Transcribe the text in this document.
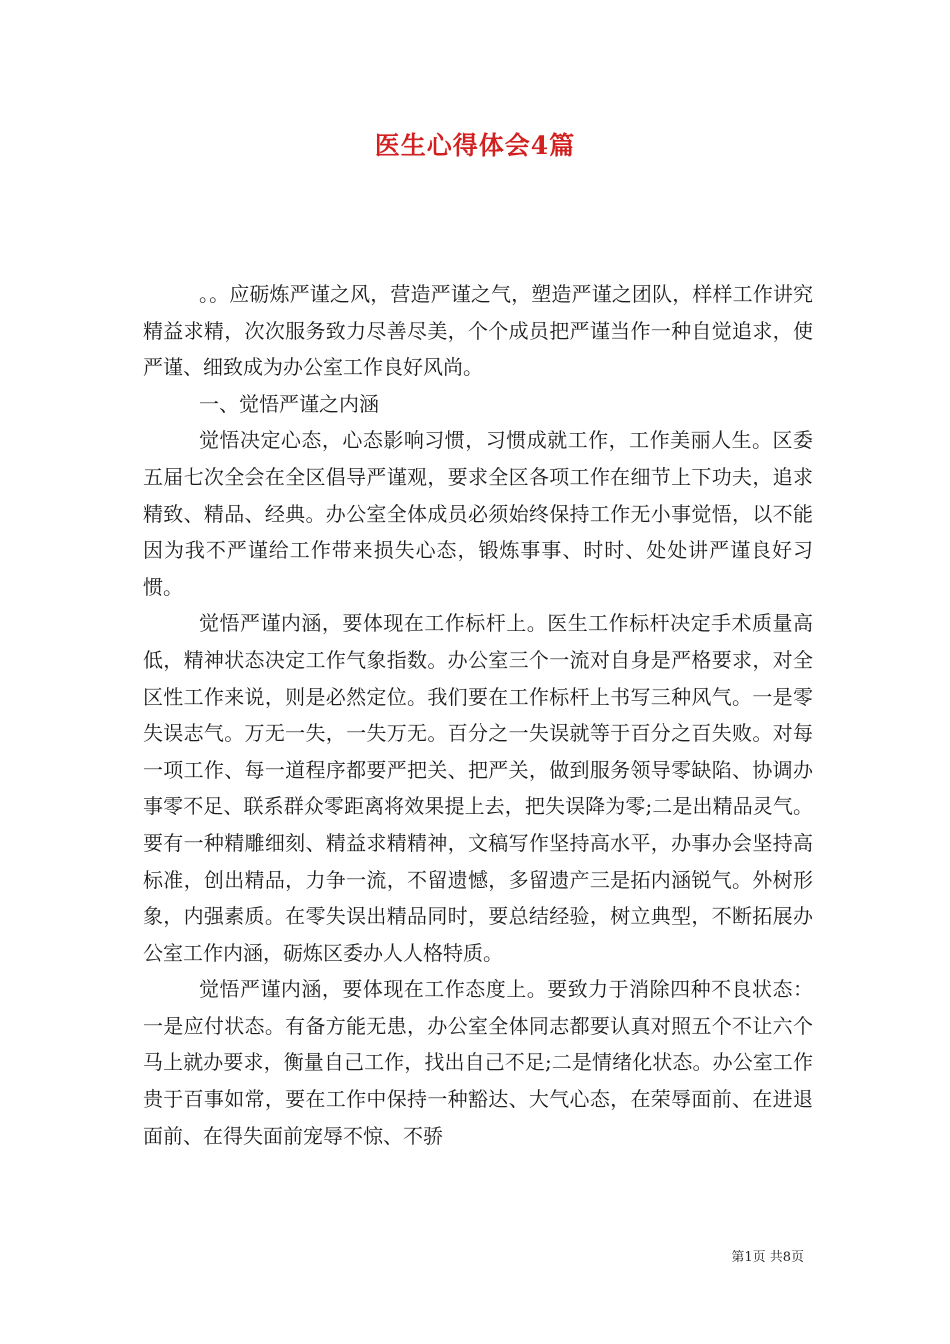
医生心得体会4篇

。。应砺炼严谨之风，营造严谨之气，塑造严谨之团队，样样工作讲究精益求精，次次服务致力尽善尽美，个个成员把严谨当作一种自觉追求，使严谨、细致成为办公室工作良好风尚。

一、觉悟严谨之内涵

觉悟决定心态，心态影响习惯，习惯成就工作，工作美丽人生。区委五届七次全会在全区倡导严谨观，要求全区各项工作在细节上下功夫，追求精致、精品、经典。办公室全体成员必须始终保持工作无小事觉悟，以不能因为我不严谨给工作带来损失心态，锻炼事事、时时、处处讲严谨良好习惯。

觉悟严谨内涵，要体现在工作标杆上。医生工作标杆决定手术质量高低，精神状态决定工作气象指数。办公室三个一流对自身是严格要求，对全区性工作来说，则是必然定位。我们要在工作标杆上书写三种风气。一是零失误志气。万无一失，一失万无。百分之一失误就等于百分之百失败。对每一项工作、每一道程序都要严把关、把严关，做到服务领导零缺陷、协调办事零不足、联系群众零距离将效果提上去，把失误降为零;二是出精品灵气。要有一种精雕细刻、精益求精精神，文稿写作坚持高水平，办事办会坚持高标准，创出精品，力争一流，不留遗憾，多留遗产三是拓内涵锐气。外树形象，内强素质。在零失误出精品同时，要总结经验，树立典型，不断拓展办公室工作内涵，砺炼区委办人人格特质。

觉悟严谨内涵，要体现在工作态度上。要致力于消除四种不良状态：一是应付状态。有备方能无患，办公室全体同志都要认真对照五个不让六个马上就办要求，衡量自己工作，找出自己不足;二是情绪化状态。办公室工作贵于百事如常，要在工作中保持一种豁达、大气心态，在荣辱面前、在进退面前、在得失面前宠辱不惊、不骄

第1页 共8页
